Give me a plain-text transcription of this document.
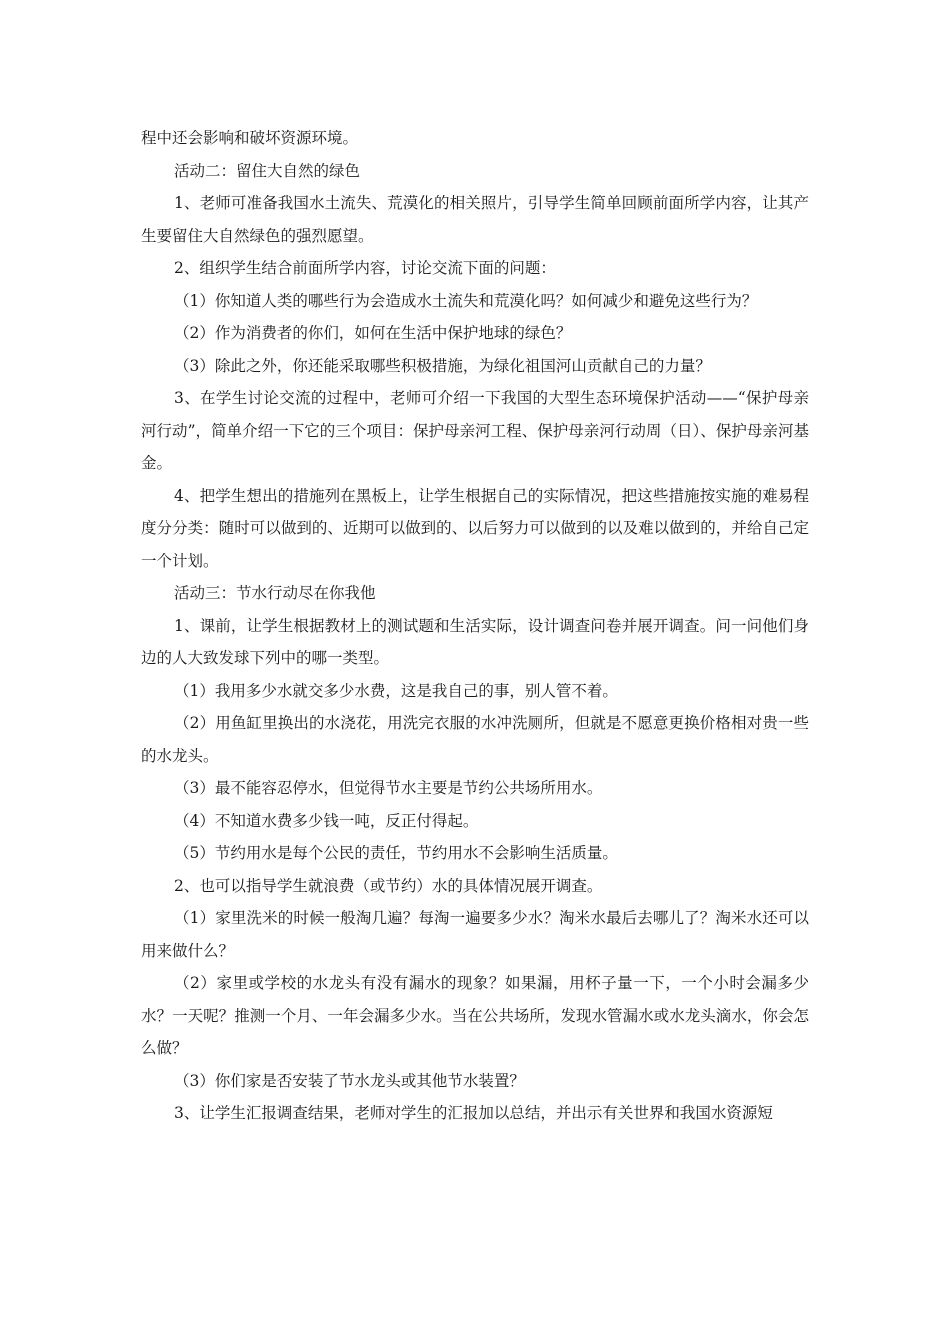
程中还会影响和破坏资源环境。

活动二：留住大自然的绿色

1、老师可准备我国水土流失、荒漠化的相关照片，引导学生简单回顾前面所学内容，让其产生要留住大自然绿色的强烈愿望。

2、组织学生结合前面所学内容，讨论交流下面的问题：

（1）你知道人类的哪些行为会造成水土流失和荒漠化吗？如何减少和避免这些行为？

（2）作为消费者的你们，如何在生活中保护地球的绿色？

（3）除此之外，你还能采取哪些积极措施，为绿化祖国河山贡献自己的力量？

3、在学生讨论交流的过程中，老师可介绍一下我国的大型生态环境保护活动——“保护母亲河行动”，简单介绍一下它的三个项目：保护母亲河工程、保护母亲河行动周（日）、保护母亲河基金。

4、把学生想出的措施列在黑板上，让学生根据自己的实际情况，把这些措施按实施的难易程度分分类：随时可以做到的、近期可以做到的、以后努力可以做到的以及难以做到的，并给自己定一个计划。

活动三：节水行动尽在你我他

1、课前，让学生根据教材上的测试题和生活实际，设计调查问卷并展开调查。问一问他们身边的人大致发球下列中的哪一类型。

（1）我用多少水就交多少水费，这是我自己的事，别人管不着。

（2）用鱼缸里换出的水浇花，用洗完衣服的水冲洗厕所，但就是不愿意更换价格相对贵一些的水龙头。

（3）最不能容忍停水，但觉得节水主要是节约公共场所用水。

（4）不知道水费多少钱一吨，反正付得起。

（5）节约用水是每个公民的责任，节约用水不会影响生活质量。

2、也可以指导学生就浪费（或节约）水的具体情况展开调查。

（1）家里洗米的时候一般淘几遍？每淘一遍要多少水？淘米水最后去哪儿了？淘米水还可以用来做什么？

（2）家里或学校的水龙头有没有漏水的现象？如果漏，用杯子量一下，一个小时会漏多少水？一天呢？推测一个月、一年会漏多少水。当在公共场所，发现水管漏水或水龙头滴水，你会怎么做？

（3）你们家是否安装了节水龙头或其他节水装置？

3、让学生汇报调查结果，老师对学生的汇报加以总结，并出示有关世界和我国水资源短
